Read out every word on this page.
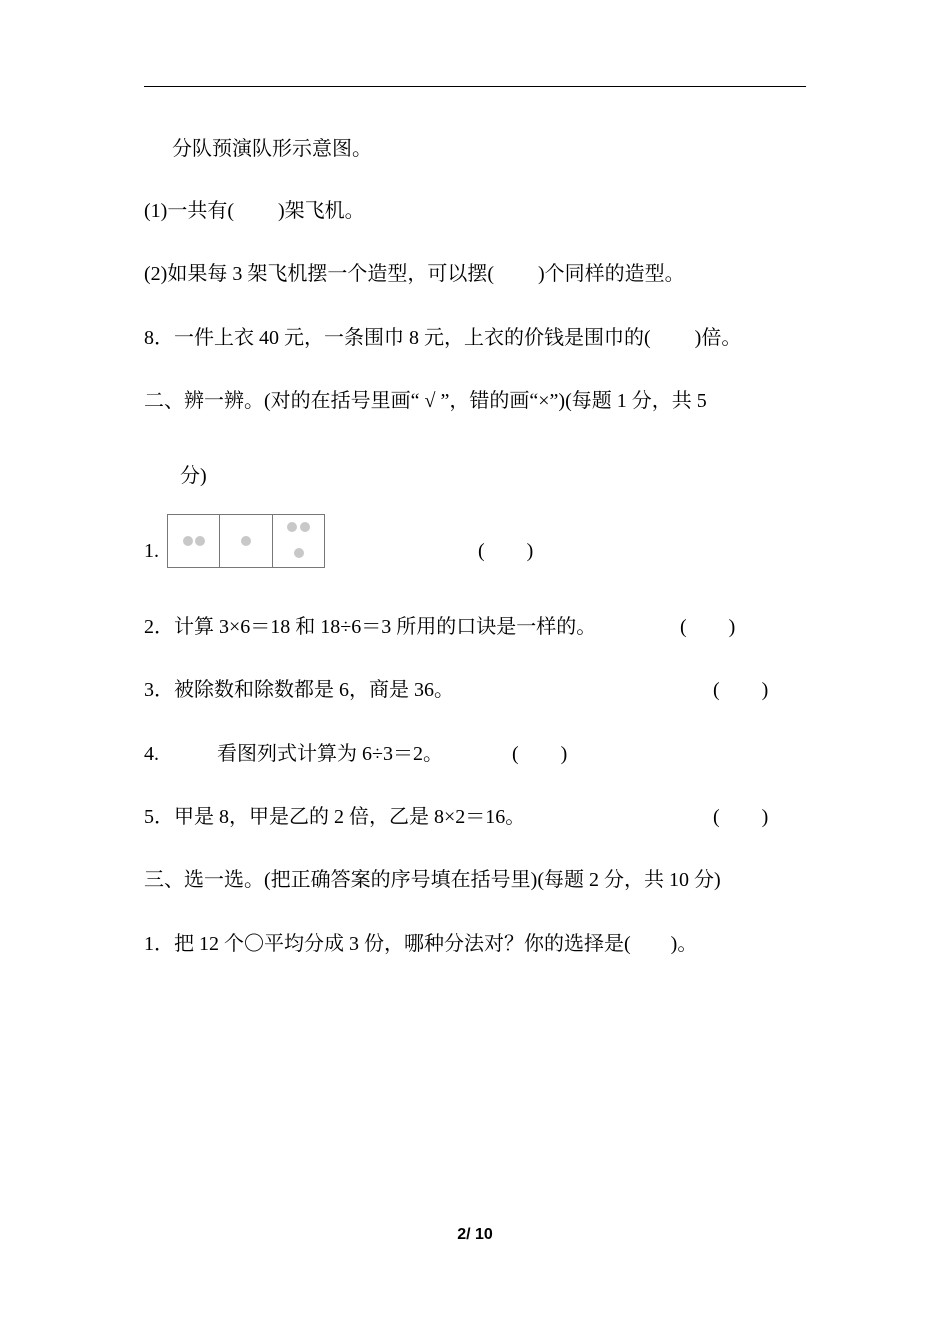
分队预演队形示意图。
(1)一共有( )架飞机。
(2)如果每 3 架飞机摆一个造型，可以摆( )个同样的造型。
8．一件上衣 40 元，一条围巾 8 元，上衣的价钱是围巾的( )倍。
二、辨一辨。(对的在括号里画“ √ ”，错的画“×”)(每题 1 分，共 5
分)
1.	( )
2．计算 3×6＝18 和 18÷6＝3 所用的口诀是一样的。	( )
3．被除数和除数都是 6，商是 36。	( )
4.	看图列式计算为 6÷3＝2。	( )
5．甲是 8，甲是乙的 2 倍，乙是 8×2＝16。	( )
三、选一选。(把正确答案的序号填在括号里)(每题 2 分，共 10 分)
1．把 12 个〇平均分成 3 份，哪种分法对？你的选择是( )。
2/ 10
